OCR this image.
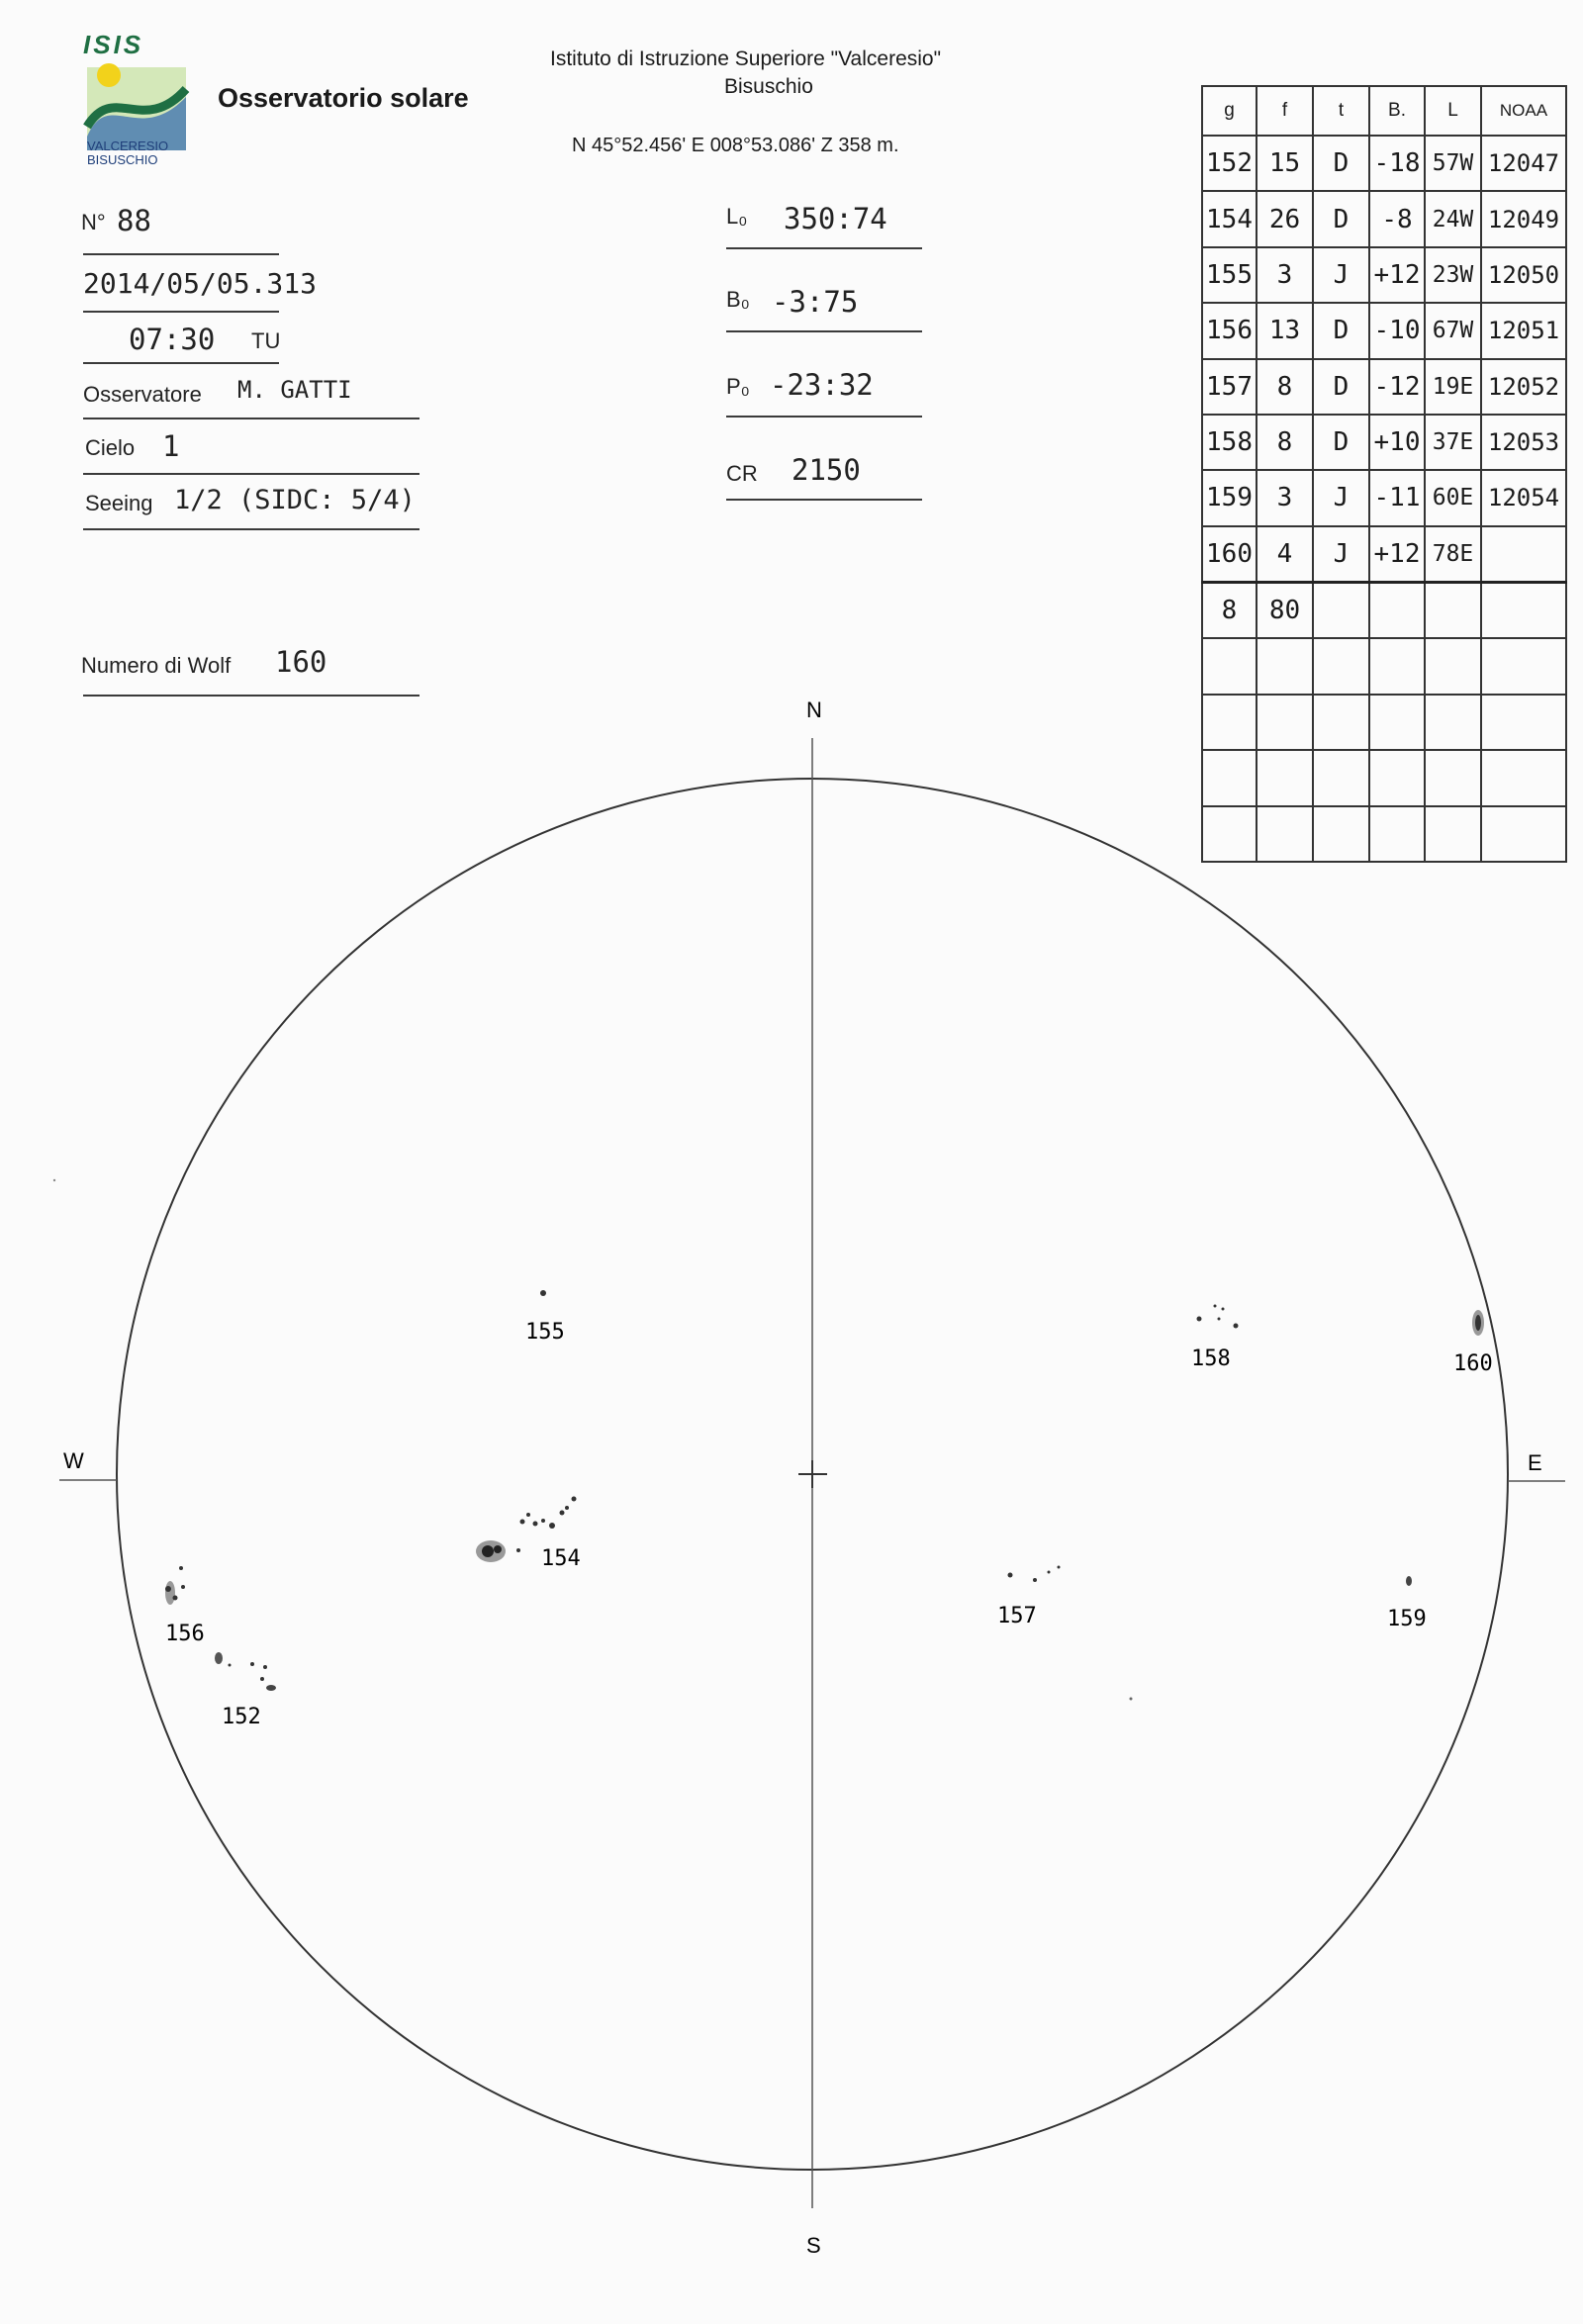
ISIS
VALCERESIO
BISUSCHIO
Osservatorio solare
Istituto di Istruzione Superiore "Valceresio"
Bisuschio
N 45°52.456' E 008°53.086' Z 358 m.
N° 88
2014/05/05.313
07:30 TU
Osservatore M. GATTI
Cielo 1
Seeing 1/2 (SIDC: 5/4)
Numero di Wolf 160
L₀ 350:74
B₀ -3:75
P₀ -23:32
CR 2150
g	f	t	B.	L	NOAA
152	15	D	-18	57W	12047
154	26	D	-8	24W	12049
155	3	J	+12	23W	12050
156	13	D	-10	67W	12051
157	8	D	-12	19E	12052
158	8	D	+10	37E	12053
159	3	J	-11	60E	12054
160	4	J	+12	78E	
8	80				

N
S
W	E
155
158	160
154
156
152
157	159
